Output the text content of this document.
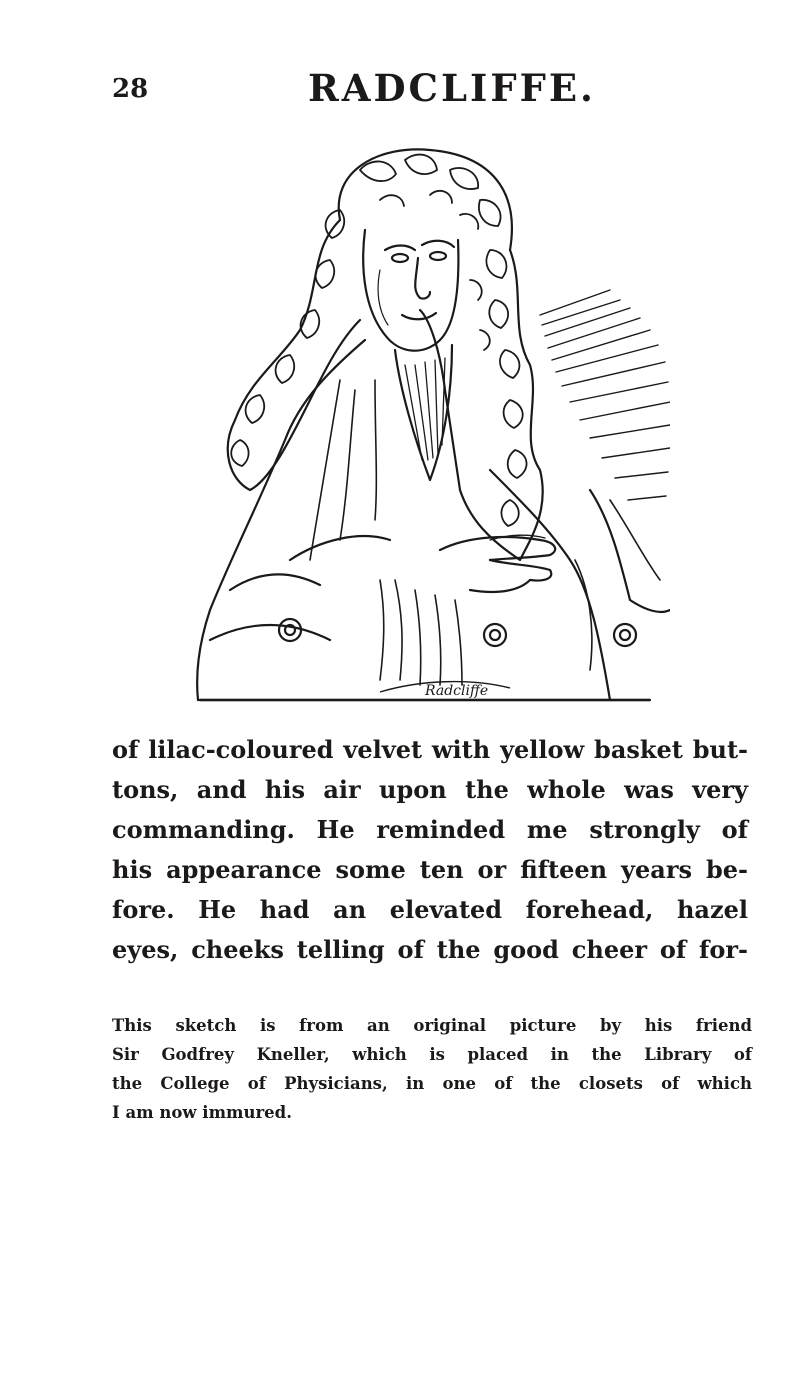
28	RADCLIFFE.
Radcliffe

of lilac-coloured velvet with yellow basket but-
tons, and his air upon the whole was very
commanding. He reminded me strongly of
his appearance some ten or fifteen years be-
fore. He had an elevated forehead, hazel
eyes, cheeks telling of the good cheer of for-

This sketch is from an original picture by his friend
Sir Godfrey Kneller, which is placed in the Library of
the College of Physicians, in one of the closets of which
I am now immured.
